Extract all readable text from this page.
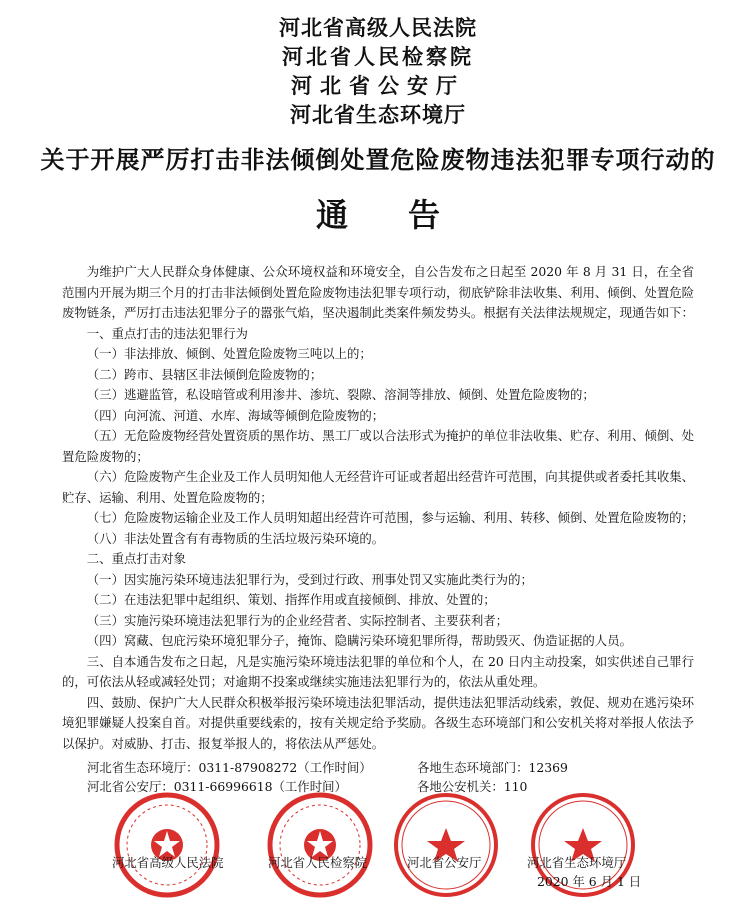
河北省高级人民法院
河北省人民检察院
河北省公安厅
河北省生态环境厅
关于开展严厉打击非法倾倒处置危险废物违法犯罪专项行动的
通告

为维护广大人民群众身体健康、公众环境权益和环境安全，自公告发布之日起至 2020 年 8 月 31 日，在全省范围内开展为期三个月的打击非法倾倒处置危险废物违法犯罪专项行动，彻底铲除非法收集、利用、倾倒、处置危险废物链条，严厉打击违法犯罪分子的嚣张气焰，坚决遏制此类案件频发势头。根据有关法律法规规定，现通告如下：

一、重点打击的违法犯罪行为

（一）非法排放、倾倒、处置危险废物三吨以上的；

（二）跨市、县辖区非法倾倒危险废物的；

（三）逃避监管，私设暗管或利用渗井、渗坑、裂隙、溶洞等排放、倾倒、处置危险废物的；

（四）向河流、河道、水库、海域等倾倒危险废物的；

（五）无危险废物经营处置资质的黑作坊、黑工厂或以合法形式为掩护的单位非法收集、贮存、利用、倾倒、处置危险废物的；

（六）危险废物产生企业及工作人员明知他人无经营许可证或者超出经营许可范围，向其提供或者委托其收集、贮存、运输、利用、处置危险废物的；

（七）危险废物运输企业及工作人员明知超出经营许可范围，参与运输、利用、转移、倾倒、处置危险废物的；

（八）非法处置含有有毒物质的生活垃圾污染环境的。

二、重点打击对象

（一）因实施污染环境违法犯罪行为，受到过行政、刑事处罚又实施此类行为的；

（二）在违法犯罪中起组织、策划、指挥作用或直接倾倒、排放、处置的；

（三）实施污染环境违法犯罪行为的企业经营者、实际控制者、主要获利者；

（四）窝藏、包庇污染环境犯罪分子，掩饰、隐瞒污染环境犯罪所得，帮助毁灭、伪造证据的人员。

三、自本通告发布之日起，凡是实施污染环境违法犯罪的单位和个人，在 20 日内主动投案，如实供述自己罪行的，可依法从轻或减轻处罚；对逾期不投案或继续实施违法犯罪行为的，依法从重处理。

四、鼓励、保护广大人民群众积极举报污染环境违法犯罪活动，提供违法犯罪活动线索，敦促、规劝在逃污染环境犯罪嫌疑人投案自首。对提供重要线索的，按有关规定给予奖励。各级生态环境部门和公安机关将对举报人依法予以保护。对威胁、打击、报复举报人的，将依法从严惩处。

河北省生态环境厅：0311-87908272（工作时间）	各地生态环境部门：12369
河北省公安厅：0311-66996618（工作时间）	各地公安机关：110
河北省高级人民法院	河北省人民检察院	河北省公安厅	河北省生态环境厅
2020 年 6 月 1 日
